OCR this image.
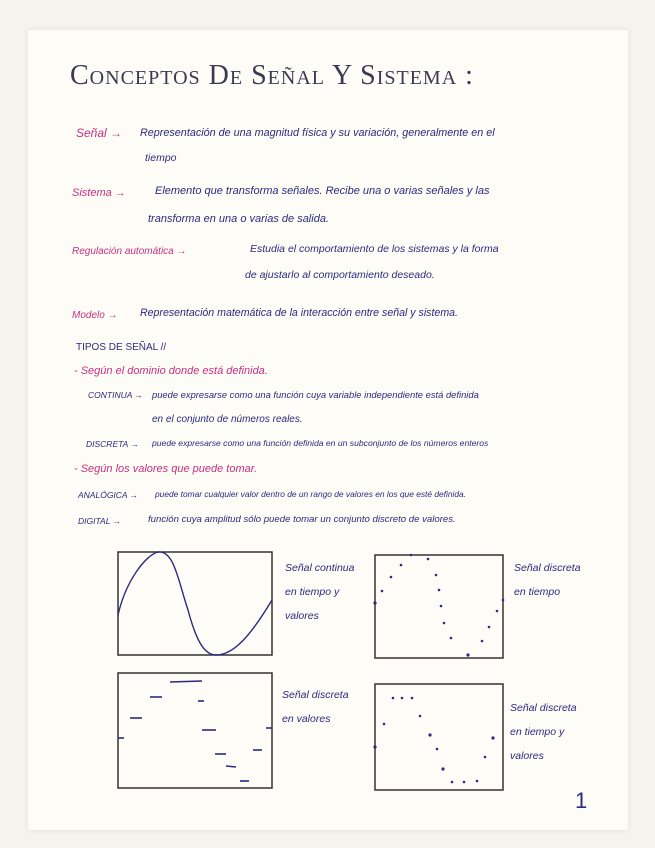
Conceptos De Señal Y Sistema :
Señal → Representación de una magnitud física y su variación, generalmente en el
tiempo
Sistema →	Elemento que transforma señales. Recibe una o varias señales y las
transforma en una o varias de salida.
Regulación automática →	Estudia el comportamiento de los sistemas y la forma
de ajustarlo al comportamiento deseado.
Modelo → Representación matemática de la interacción entre señal y sistema.
TIPOS DE SEÑAL //
- Según el dominio donde está definida.
CONTINUA → puede expresarse como una función cuya variable independiente está definida
en el conjunto de números reales.
DISCRETA → puede expresarse como una función definida en un subconjunto de los números enteros
- Según los valores que puede tomar.
ANALÓGICA → puede tomar cualquier valor dentro de un rango de valores en los que esté definida.
DIGITAL →	función cuya amplitud sólo puede tomar un conjunto discreto de valores.
Señal continua
en tiempo y
valores
Señal discreta
en tiempo
Señal discreta
en valores
Señal discreta
en tiempo y
valores
1
